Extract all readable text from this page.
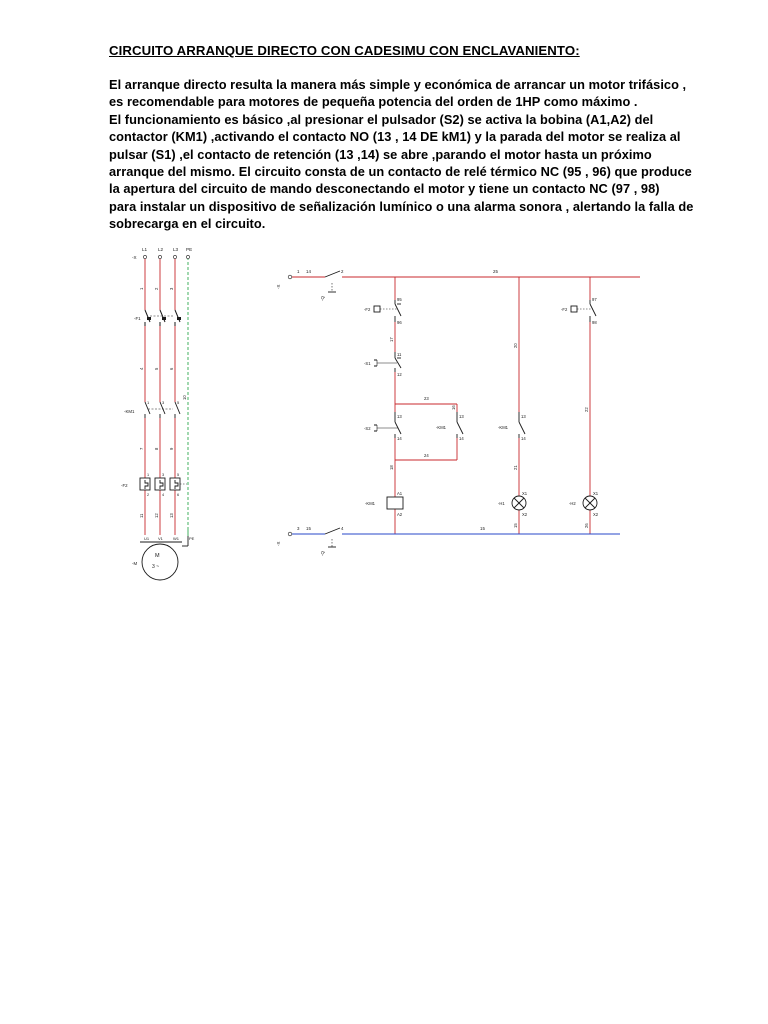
CIRCUITO ARRANQUE DIRECTO CON CADESIMU CON ENCLAVANIENTO:
El arranque directo resulta la manera más simple y económica de arrancar un motor trifásico ,
es recomendable para motores de pequeña potencia del orden de 1HP como máximo .
El funcionamiento es básico ,al presionar el pulsador (S2) se activa la bobina (A1,A2) del
contactor (KM1) ,activando el contacto NO (13 , 14 DE kM1) y la parada del motor se realiza al
pulsar (S1) ,el contacto de retención (13 ,14) se abre ,parando el motor hasta un próximo
arranque del mismo. El circuito consta de un contacto de relé térmico NC (95 , 96) que produce
la apertura del circuito de mando desconectando el motor y tiene un contacto NC (97 , 98)
para instalar un dispositivo de señalización lumínico o una alarma sonora , alertando la falla de
sobrecarga en el circuito.
-X
L1 L2 L3 PE
1 2 3
-F1
4 5 6
10
-KM1
1	3	5
7 8 9
-F2
1	3	5
2	4	6
11 12 13
U1 V1	W1	PE
M
3 ~
-M
-X
1 14	2
-Q
25
-F2
95
96
17
-S1
11
12
23
-S2
13
14
18
-KM1
13
14
16
24
-KM1
A1
A2
-KM1
13
14
20
21
-H1
X1
X2
15
-F2
97
98
22
-H2
X1
X2
26
-X
3 15	4
-Q
15
